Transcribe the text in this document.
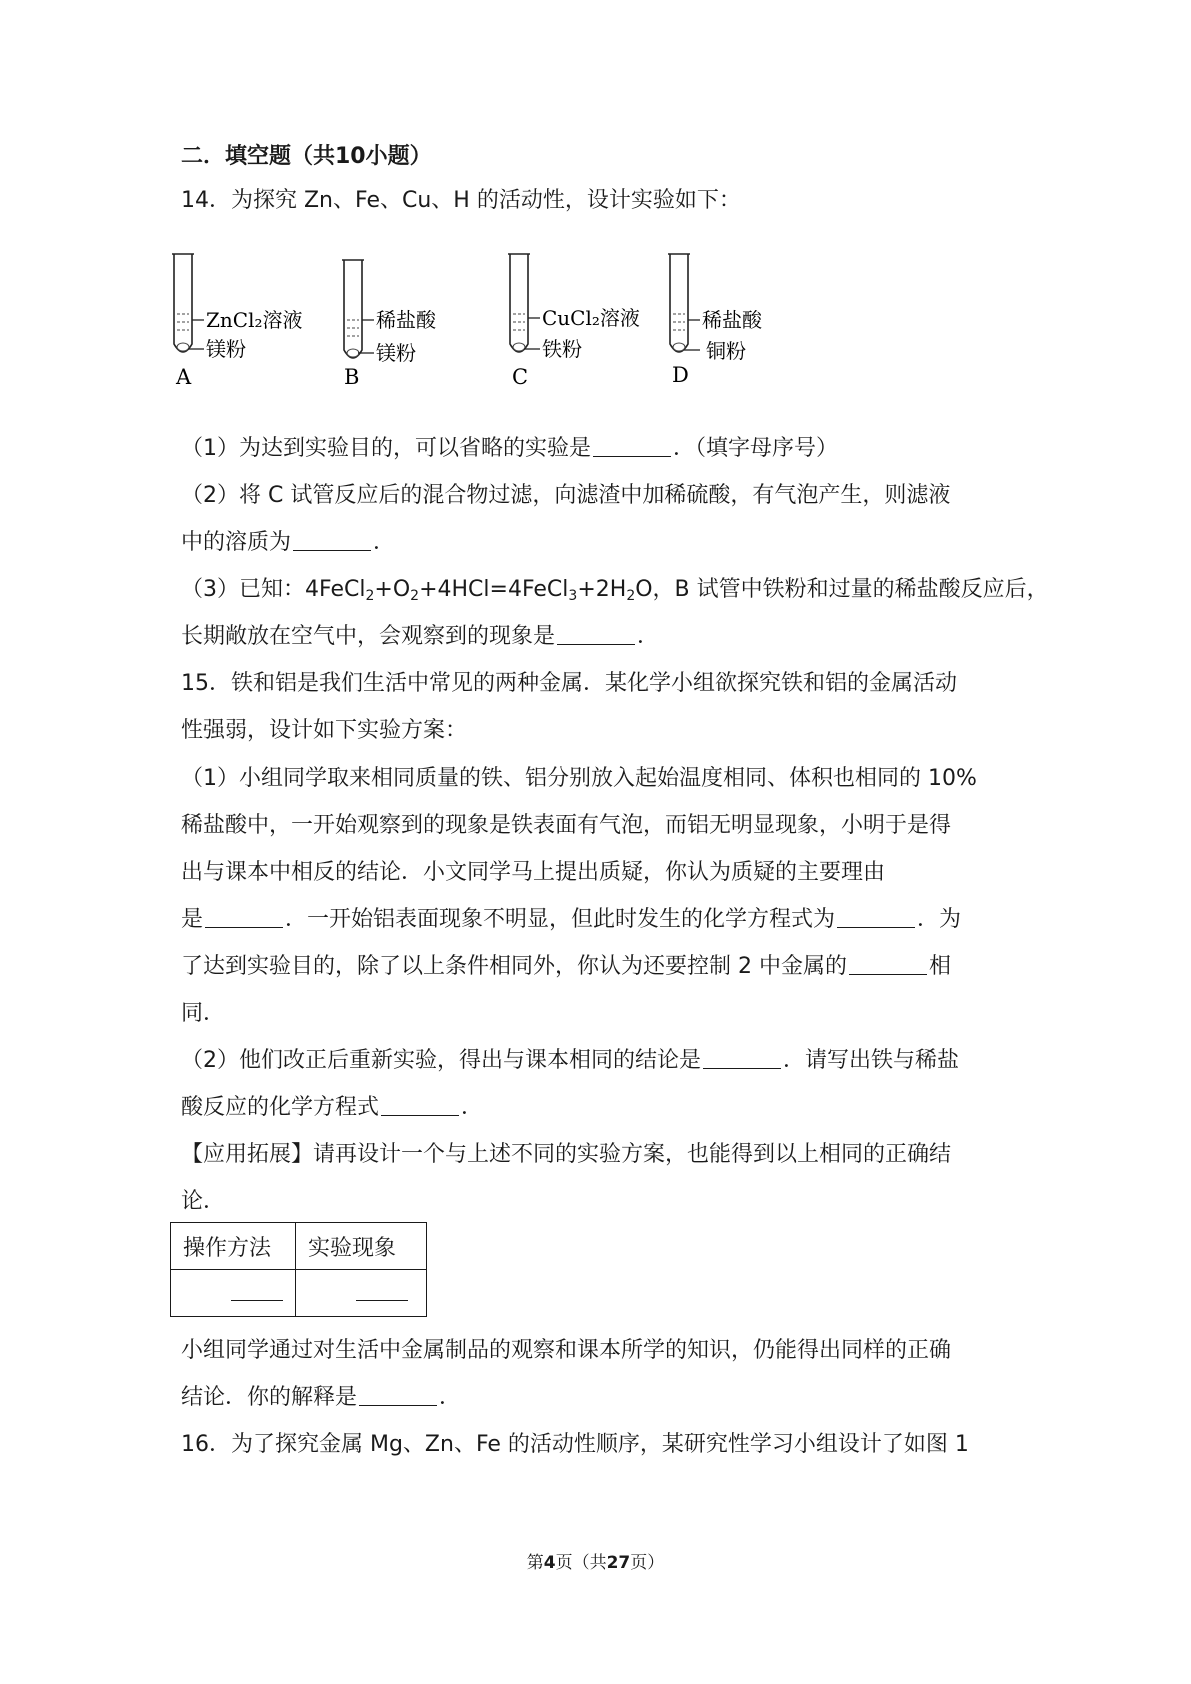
二．填空题（共10小题）
14．为探究 Zn、Fe、Cu、H 的活动性，设计实验如下：
ZnCl₂溶液
镁粉
A
稀盐酸
镁粉
B
CuCl₂溶液
铁粉
C
稀盐酸
铜粉
D
（1）为达到实验目的，可以省略的实验是	．（填字母序号）
（2）将 C 试管反应后的混合物过滤，向滤渣中加稀硫酸，有气泡产生，则滤液
中的溶质为	．
（3）已知：$4FeCl_2+O_2+4HCl=4FeCl_3+2H_2O$，B 试管中铁粉和过量的稀盐酸反应后，
长期敞放在空气中，会观察到的现象是	．
15．铁和铝是我们生活中常见的两种金属．某化学小组欲探究铁和铝的金属活动
性强弱，设计如下实验方案：
（1）小组同学取来相同质量的铁、铝分别放入起始温度相同、体积也相同的 10%
稀盐酸中，一开始观察到的现象是铁表面有气泡，而铝无明显现象，小明于是得
出与课本中相反的结论．小文同学马上提出质疑，你认为质疑的主要理由
是	．一开始铝表面现象不明显，但此时发生的化学方程式为	．为
了达到实验目的，除了以上条件相同外，你认为还要控制 2 中金属的	相
同．
（2）他们改正后重新实验，得出与课本相同的结论是	．请写出铁与稀盐
酸反应的化学方程式	．
【应用拓展】请再设计一个与上述不同的实验方案，也能得到以上相同的正确结
论．
操作方法	实验现象

小组同学通过对生活中金属制品的观察和课本所学的知识，仍能得出同样的正确
结论．你的解释是	．
16．为了探究金属 Mg、Zn、Fe 的活动性顺序，某研究性学习小组设计了如图 1
第4页（共27页）
